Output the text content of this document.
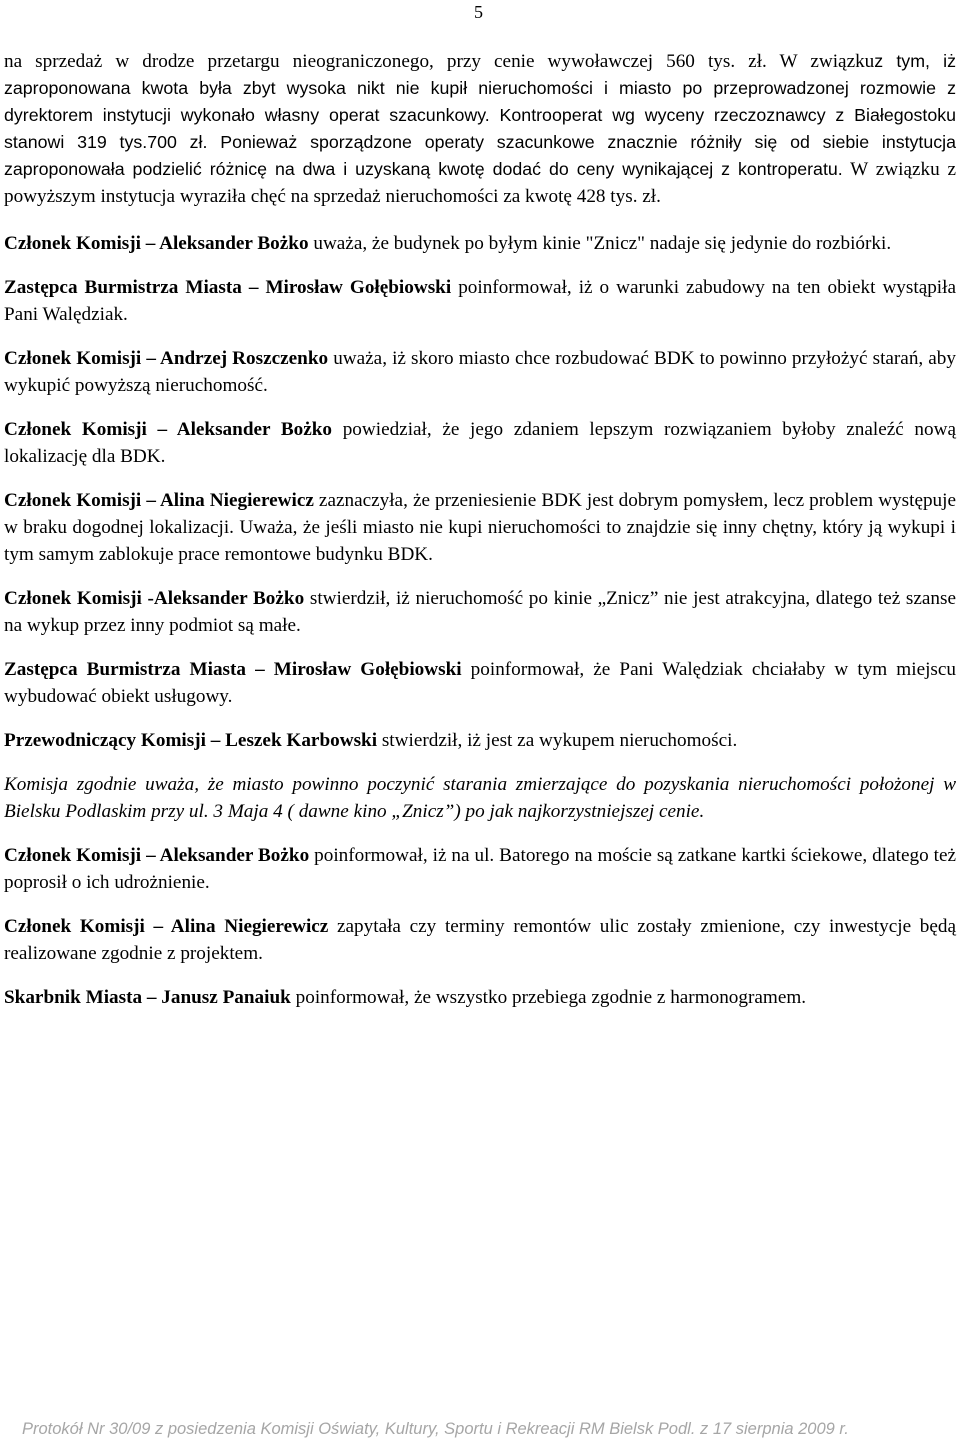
5

na sprzedaż w drodze przetargu nieograniczonego, przy cenie wywoławczej 560 tys. zł. W związkuz tym, iż zaproponowana kwota była zbyt wysoka nikt nie kupił nieruchomości i miasto po przeprowadzonej rozmowie z dyrektorem instytucji wykonało własny operat szacunkowy. Kontrooperat wg wyceny rzeczoznawcy z Białegostoku stanowi 319 tys.700 zł. Ponieważ sporządzone operaty szacunkowe znacznie różniły się od siebie instytucja zaproponowała podzielić różnicę na dwa i uzyskaną kwotę dodać do ceny wynikającej z kontroperatu. W związku z powyższym instytucja wyraziła chęć na sprzedaż nieruchomości za kwotę 428 tys. zł.

Członek Komisji – Aleksander Bożko uważa, że budynek po byłym kinie "Znicz" nadaje się jedynie do rozbiórki.

Zastępca Burmistrza Miasta – Mirosław Gołębiowski poinformował, iż o warunki zabudowy na ten obiekt wystąpiła Pani Walędziak.

Członek Komisji – Andrzej Roszczenko uważa, iż skoro miasto chce rozbudować BDK to powinno przyłożyć starań, aby wykupić powyższą nieruchomość.

Członek Komisji – Aleksander Bożko powiedział, że jego zdaniem lepszym rozwiązaniem byłoby znaleźć nową lokalizację dla BDK.

Członek Komisji – Alina Niegierewicz zaznaczyła, że przeniesienie BDK jest dobrym pomysłem, lecz problem występuje w braku dogodnej lokalizacji. Uważa, że jeśli miasto nie kupi nieruchomości to znajdzie się inny chętny, który ją wykupi i tym samym zablokuje prace remontowe budynku BDK.

Członek Komisji -Aleksander Bożko stwierdził, iż nieruchomość po kinie „Znicz” nie jest atrakcyjna, dlatego też szanse na wykup przez inny podmiot są małe.

Zastępca Burmistrza Miasta – Mirosław Gołębiowski poinformował, że Pani Walędziak chciałaby w tym miejscu wybudować obiekt usługowy.

Przewodniczący Komisji – Leszek Karbowski stwierdził, iż jest za wykupem nieruchomości.

Komisja zgodnie uważa, że miasto powinno poczynić starania zmierzające do pozyskania nieruchomości położonej w Bielsku Podlaskim przy ul. 3 Maja 4 ( dawne kino „Znicz”) po jak najkorzystniejszej cenie.

Członek Komisji – Aleksander Bożko poinformował, iż na ul. Batorego na moście są zatkane kartki ściekowe, dlatego też poprosił o ich udrożnienie.

Członek Komisji – Alina Niegierewicz zapytała czy terminy remontów ulic zostały zmienione, czy inwestycje będą realizowane zgodnie z projektem.

Skarbnik Miasta – Janusz Panaiuk poinformował, że wszystko przebiega zgodnie z harmonogramem.

Protokół Nr 30/09 z posiedzenia Komisji Oświaty, Kultury, Sportu i Rekreacji RM Bielsk Podl. z 17 sierpnia 2009 r.
